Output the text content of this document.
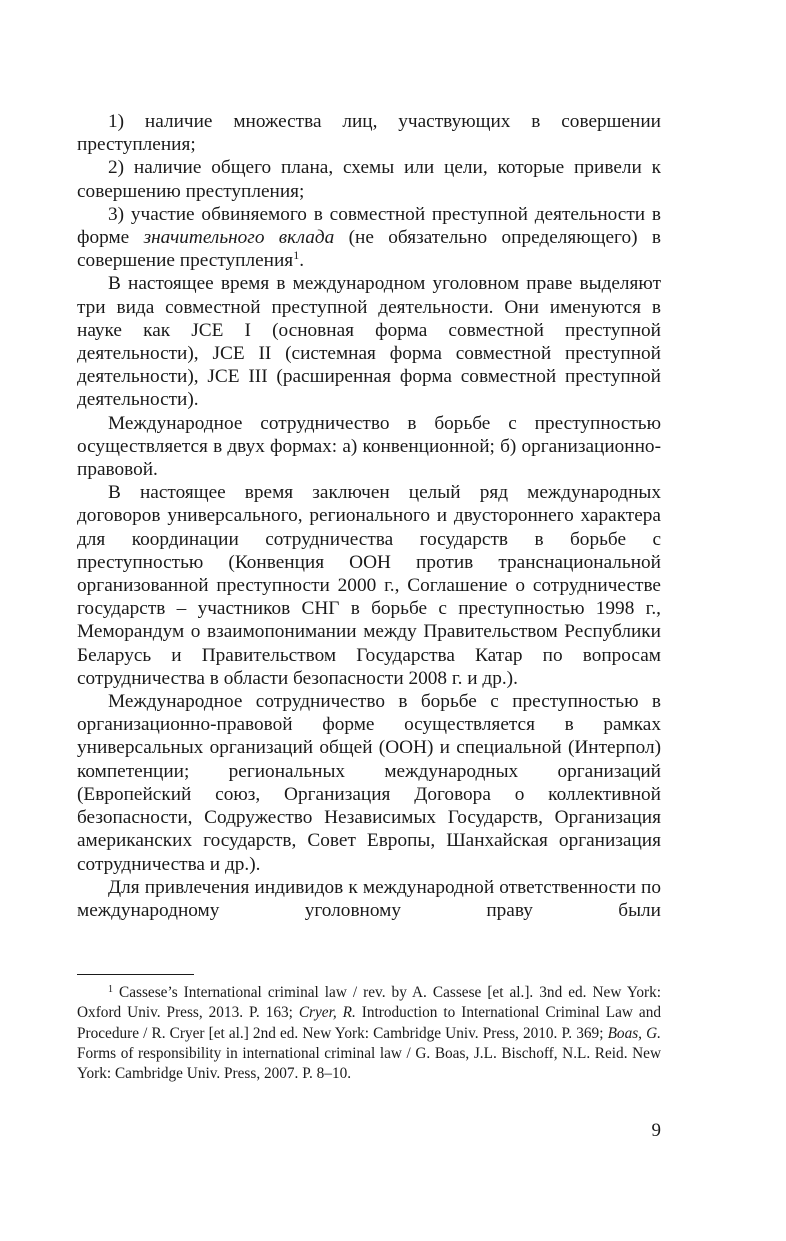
1) наличие множества лиц, участвующих в совершении преступления;

2) наличие общего плана, схемы или цели, которые привели к совершению преступления;

3) участие обвиняемого в совместной преступной деятельности в форме значительного вклада (не обязательно определяющего) в совершение преступления$^1$.

В настоящее время в международном уголовном праве выделяют три вида совместной преступной деятельности. Они именуются в науке как JCE I (основная форма совместной преступной деятельности), JCE II (системная форма совместной преступной деятельности), JCE III (расширенная форма совместной преступной деятельности).

Международное сотрудничество в борьбе с преступностью осуществляется в двух формах: а) конвенционной; б) организационно-правовой.

В настоящее время заключен целый ряд международных договоров универсального, регионального и двустороннего характера для координации сотрудничества государств в борьбе с преступностью (Конвенция ООН против транснациональной организованной преступности 2000 г., Соглашение о сотрудничестве государств – участников СНГ в борьбе с преступностью 1998 г., Меморандум о взаимопонимании между Правительством Республики Беларусь и Правительством Государства Катар по вопросам сотрудничества в области безопасности 2008 г. и др.).

Международное сотрудничество в борьбе с преступностью в организационно-правовой форме осуществляется в рамках универсальных организаций общей (ООН) и специальной (Интерпол) компетенции; региональных международных организаций (Европейский союз, Организация Договора о коллективной безопасности, Содружество Независимых Государств, Организация американских государств, Совет Европы, Шанхайская организация сотрудничества и др.).

Для привлечения индивидов к международной ответственности по международному уголовному праву были

$^1$ Cassese’s International criminal law / rev. by A. Cassese [et al.]. 3nd ed. New York: Oxford Univ. Press, 2013. P. 163; Cryer, R. Introduction to International Criminal Law and Procedure / R. Cryer [et al.] 2nd ed. New York: Cambridge Univ. Press, 2010. P. 369; Boas, G. Forms of responsibility in international criminal law / G. Boas, J.L. Bischoff, N.L. Reid. New York: Cambridge Univ. Press, 2007. P. 8–10.

9
